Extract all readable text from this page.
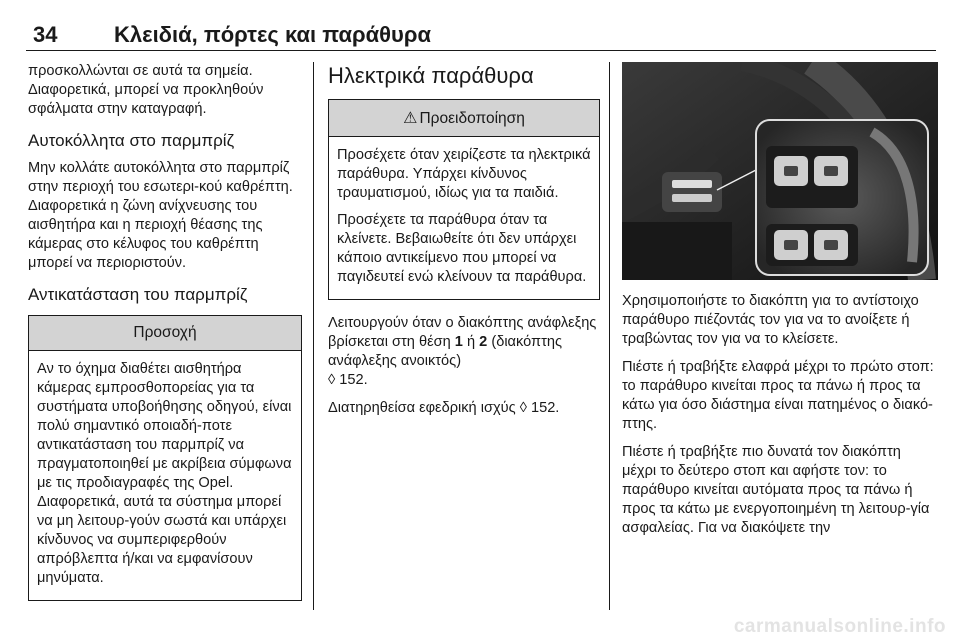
34	Κλειδιά, πόρτες και παράθυρα

προσκολλώνται σε αυτά τα σημεία. Διαφορετικά, μπορεί να προκληθούν σφάλματα στην καταγραφή.

Αυτοκόλλητα στο παρμπρίζ

Μην κολλάτε αυτοκόλλητα στο παρμπρίζ στην περιοχή του εσωτερι-κού καθρέπτη. Διαφορετικά η ζώνη ανίχνευσης του αισθητήρα και η περιοχή θέασης της κάμερας στο κέλυφος του καθρέπτη μπορεί να περιοριστούν.

Αντικατάσταση του παρμπρίζ
Προσοχή

Αν το όχημα διαθέτει αισθητήρα κάμερας εμπροσθοπορείας για τα συστήματα υποβοήθησης οδηγού, είναι πολύ σημαντικό οποιαδή-ποτε αντικατάσταση του παρμπρίζ να πραγματοποιηθεί με ακρίβεια σύμφωνα με τις προδιαγραφές της Opel. Διαφορετικά, αυτά τα σύστημα μπορεί να μη λειτουρ-γούν σωστά και υπάρχει κίνδυνος να συμπεριφερθούν απρόβλεπτα ή/και να εμφανίσουν μηνύματα.

Ηλεκτρικά παράθυρα
⚠ Προειδοποίηση

Προσέχετε όταν χειρίζεστε τα ηλεκτρικά παράθυρα. Υπάρχει κίνδυνος τραυματισμού, ιδίως για τα παιδιά.

Προσέχετε τα παράθυρα όταν τα κλείνετε. Βεβαιωθείτε ότι δεν υπάρχει κάποιο αντικείμενο που μπορεί να παγιδευτεί ενώ κλείνουν τα παράθυρα.

Λειτουργούν όταν ο διακόπτης ανάφλεξης βρίσκεται στη θέση 1 ή 2 (διακόπτης ανάφλεξης ανοικτός)
◊ 152.

Διατηρηθείσα εφεδρική ισχύς ◊ 152.

Χρησιμοποιήστε το διακόπτη για το αντίστοιχο παράθυρο πιέζοντάς τον για να το ανοίξετε ή τραβώντας τον για να το κλείσετε.

Πιέστε ή τραβήξτε ελαφρά μέχρι το πρώτο στοπ: το παράθυρο κινείται προς τα πάνω ή προς τα κάτω για όσο διάστημα είναι πατημένος ο διακό-πτης.

Πιέστε ή τραβήξτε πιο δυνατά τον διακόπτη μέχρι το δεύτερο στοπ και αφήστε τον: το παράθυρο κινείται αυτόματα προς τα πάνω ή προς τα κάτω με ενεργοποιημένη τη λειτουρ-γία ασφαλείας. Για να διακόψετε την

carmanualsonline.info
